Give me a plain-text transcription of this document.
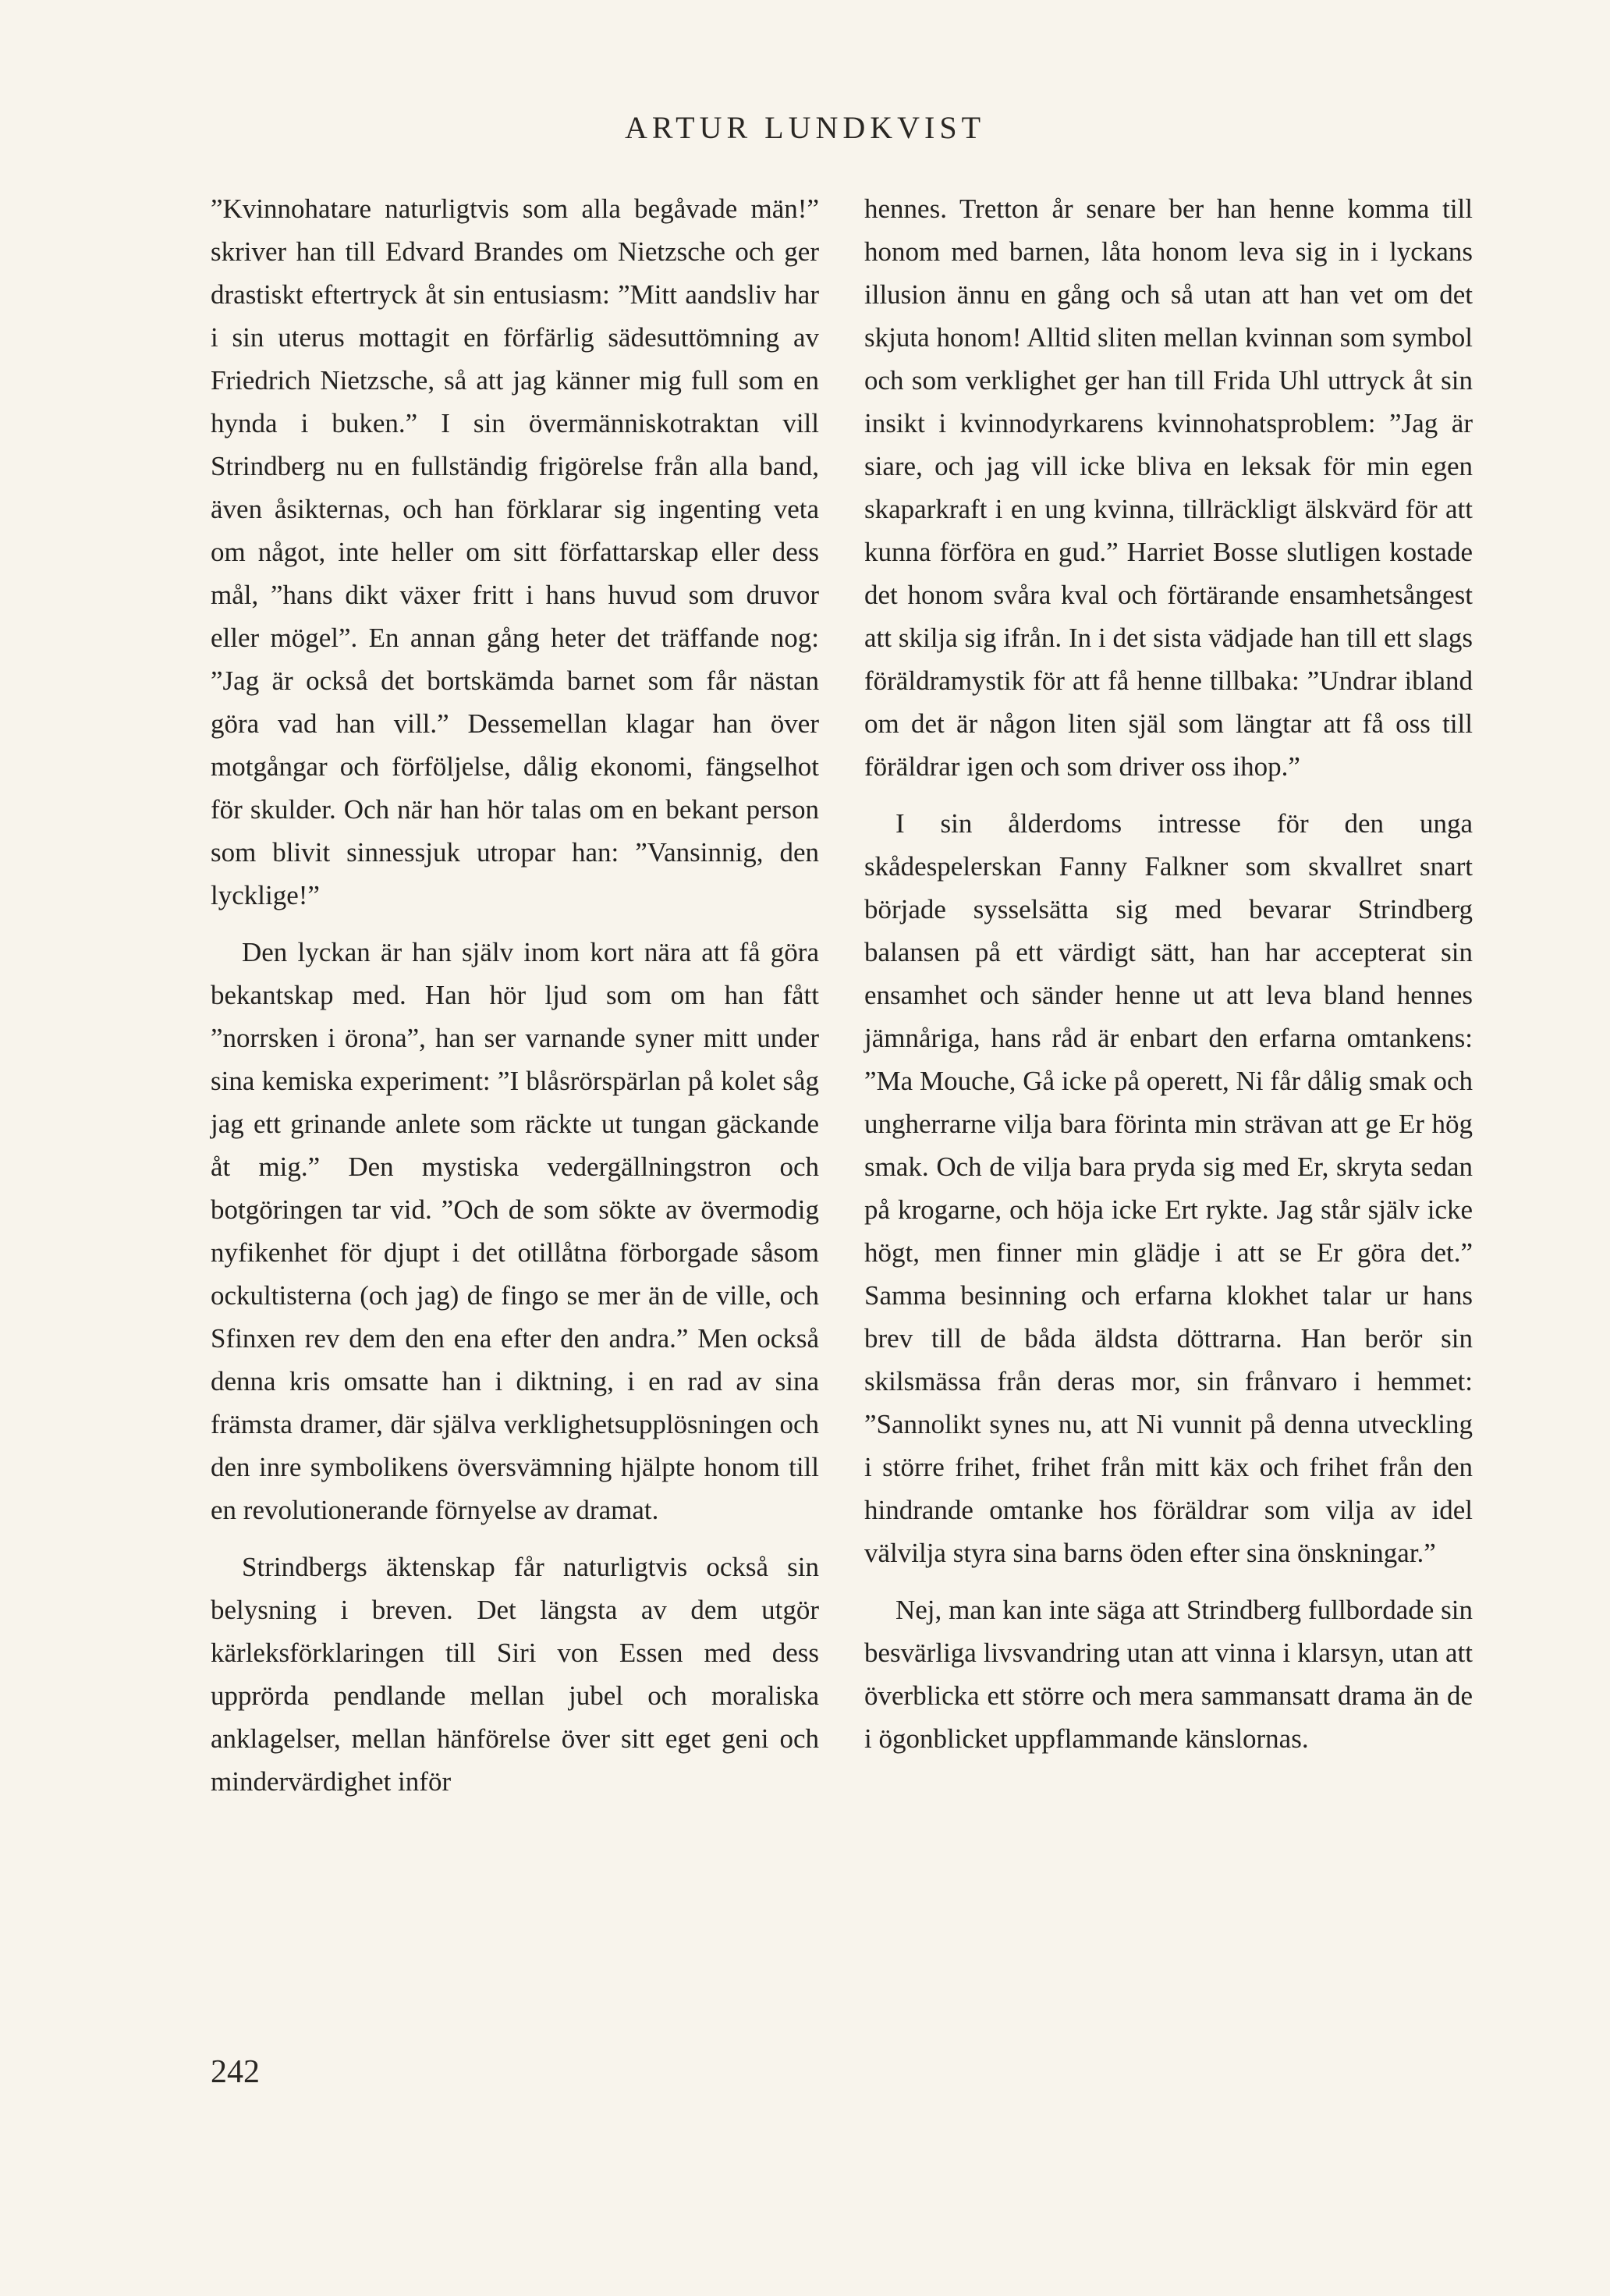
ARTUR LUNDKVIST

”Kvinnohatare naturligtvis som alla begåvade män!” skriver han till Edvard Brandes om Nietzsche och ger drastiskt eftertryck åt sin entusiasm: ”Mitt aandsliv har i sin uterus mottagit en förfärlig sädesuttömning av Friedrich Nietzsche, så att jag känner mig full som en hynda i buken.” I sin övermänniskotraktan vill Strindberg nu en fullständig frigörelse från alla band, även åsikternas, och han förklarar sig ingenting veta om något, inte heller om sitt författarskap eller dess mål, ”hans dikt växer fritt i hans huvud som druvor eller mögel”. En annan gång heter det träffande nog: ”Jag är också det bortskämda barnet som får nästan göra vad han vill.” Dessemellan klagar han över motgångar och förföljelse, dålig ekonomi, fängselhot för skulder. Och när han hör talas om en bekant person som blivit sinnessjuk utropar han: ”Vansinnig, den lycklige!”

Den lyckan är han själv inom kort nära att få göra bekantskap med. Han hör ljud som om han fått ”norrsken i örona”, han ser varnande syner mitt under sina kemiska experiment: ”I blåsrörspärlan på kolet såg jag ett grinande anlete som räckte ut tungan gäckande åt mig.” Den mystiska vedergällningstron och botgöringen tar vid. ”Och de som sökte av övermodig nyfikenhet för djupt i det otillåtna förborgade såsom ockultisterna (och jag) de fingo se mer än de ville, och Sfinxen rev dem den ena efter den andra.” Men också denna kris omsatte han i diktning, i en rad av sina främsta dramer, där själva verklighetsupplösningen och den inre symbolikens översvämning hjälpte honom till en revolutionerande förnyelse av dramat.

Strindbergs äktenskap får naturligtvis också sin belysning i breven. Det längsta av dem utgör kärleksförklaringen till Siri von Essen med dess upprörda pendlande mellan jubel och moraliska anklagelser, mellan hänförelse över sitt eget geni och mindervärdighet inför

hennes. Tretton år senare ber han henne komma till honom med barnen, låta honom leva sig in i lyckans illusion ännu en gång och så utan att han vet om det skjuta honom! Alltid sliten mellan kvinnan som symbol och som verklighet ger han till Frida Uhl uttryck åt sin insikt i kvinnodyrkarens kvinnohatsproblem: ”Jag är siare, och jag vill icke bliva en leksak för min egen skaparkraft i en ung kvinna, tillräckligt älskvärd för att kunna förföra en gud.” Harriet Bosse slutligen kostade det honom svåra kval och förtärande ensamhetsångest att skilja sig ifrån. In i det sista vädjade han till ett slags föräldramystik för att få henne tillbaka: ”Undrar ibland om det är någon liten själ som längtar att få oss till föräldrar igen och som driver oss ihop.”

I sin ålderdoms intresse för den unga skådespelerskan Fanny Falkner som skvallret snart började sysselsätta sig med bevarar Strindberg balansen på ett värdigt sätt, han har accepterat sin ensamhet och sänder henne ut att leva bland hennes jämnåriga, hans råd är enbart den erfarna omtankens: ”Ma Mouche, Gå icke på operett, Ni får dålig smak och ungherrarne vilja bara förinta min strävan att ge Er hög smak. Och de vilja bara pryda sig med Er, skryta sedan på krogarne, och höja icke Ert rykte. Jag står själv icke högt, men finner min glädje i att se Er göra det.” Samma besinning och erfarna klokhet talar ur hans brev till de båda äldsta döttrarna. Han berör sin skilsmässa från deras mor, sin frånvaro i hemmet: ”Sannolikt synes nu, att Ni vunnit på denna utveckling i större frihet, frihet från mitt käx och frihet från den hindrande omtanke hos föräldrar som vilja av idel välvilja styra sina barns öden efter sina önskningar.”

Nej, man kan inte säga att Strindberg fullbordade sin besvärliga livsvandring utan att vinna i klarsyn, utan att överblicka ett större och mera sammansatt drama än de i ögonblicket uppflammande känslornas.

242
